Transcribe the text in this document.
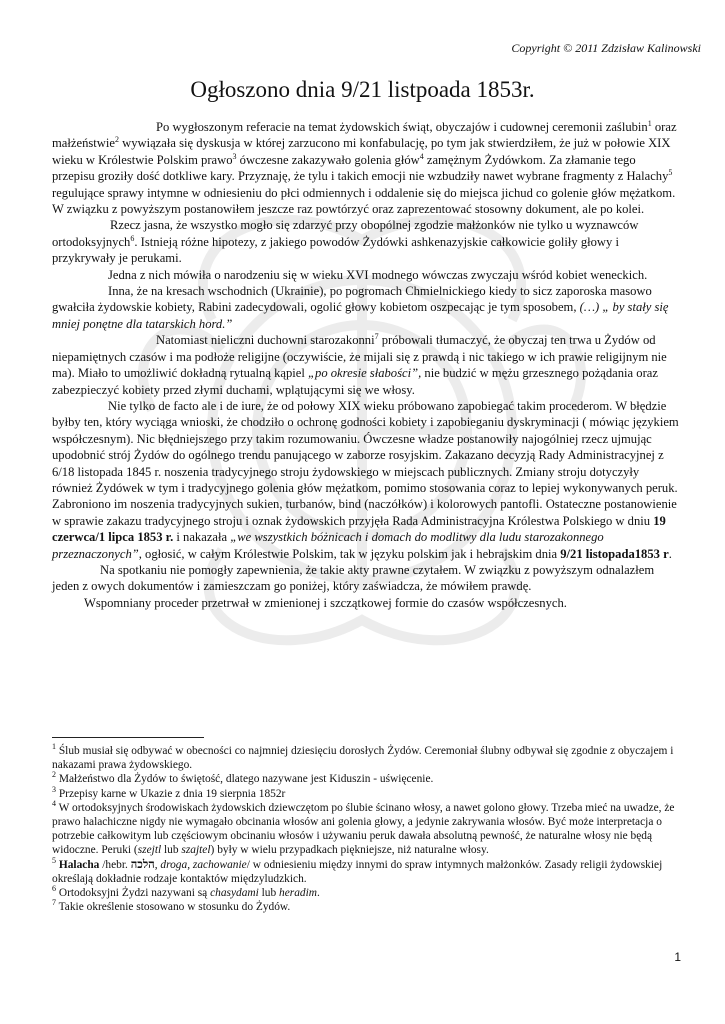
Copyright © 2011 Zdzisław Kalinowski
Ogłoszono dnia 9/21 listpoada 1853r.

Po wygłoszonym referacie na temat żydowskich świąt, obyczajów i cudownej ceremonii zaślubin$^1$ oraz małżeństwie$^2$ wywiązała się dyskusja w której zarzucono mi konfabulację, po tym jak stwierdziłem, że już w połowie XIX wieku w Królestwie Polskim prawo$^3$ ówczesne zakazywało golenia głów$^4$ zamężnym Żydówkom. Za złamanie tego przepisu groziły dość dotkliwe kary. Przyznaję, że tylu i takich emocji nie wzbudziły nawet wybrane fragmenty z Halachy$^5$ regulujące sprawy intymne w odniesieniu do płci odmiennych i oddalenie się do miejsca jichud co golenie głów mężatkom. W związku z powyższym postanowiłem jeszcze raz powtórzyć oraz zaprezentować stosowny dokument, ale po kolei.

Rzecz jasna, że wszystko mogło się zdarzyć przy obopólnej zgodzie małżonków nie tylko u wyznawców ortodoksyjnych$^6$. Istnieją różne hipotezy, z jakiego powodów Żydówki ashkenazyjskie całkowicie goliły głowy i przykrywały je perukami.

Jedna z nich mówiła o narodzeniu się w wieku XVI modnego wówczas zwyczaju wśród kobiet weneckich.

Inna, że na kresach wschodnich (Ukrainie), po pogromach Chmielnickiego kiedy to sicz zaporoska masowo gwałciła żydowskie kobiety, Rabini zadecydowali, ogolić głowy kobietom oszpecając je tym sposobem, (…) „ by stały się mniej ponętne dla tatarskich hord.”

Natomiast nieliczni duchowni starozakonni$^7$ próbowali tłumaczyć, że obyczaj ten trwa u Żydów od niepamiętnych czasów i ma podłoże religijne (oczywiście, że mijali się z prawdą i nic takiego w ich prawie religijnym nie ma). Miało to umożliwić dokładną rytualną kąpiel „po okresie słabości”, nie budzić w mężu grzesznego pożądania oraz zabezpieczyć kobiety przed złymi duchami, wplątującymi się we włosy.

Nie tylko de facto ale i de iure, że od połowy XIX wieku próbowano zapobiegać takim procederom. W błędzie byłby ten, który wyciąga wnioski, że chodziło o ochronę godności kobiety i zapobieganiu dyskryminacji ( mówiąc językiem współczesnym). Nic błędniejszego przy takim rozumowaniu. Ówczesne władze postanowiły najogólniej rzecz ujmując upodobnić strój Żydów do ogólnego trendu panującego w zaborze rosyjskim. Zakazano decyzją Rady Administracyjnej z 6/18 listopada 1845 r. noszenia tradycyjnego stroju żydowskiego w miejscach publicznych. Zmiany stroju dotyczyły również Żydówek w tym i tradycyjnego golenia głów mężatkom, pomimo stosowania coraz to lepiej wykonywanych peruk. Zabroniono im noszenia tradycyjnych sukien, turbanów, bind (naczółków) i kolorowych pantofli. Ostateczne postanowienie w sprawie zakazu tradycyjnego stroju i oznak żydowskich przyjęła Rada Administracyjna Królestwa Polskiego w dniu 19 czerwca/1 lipca 1853 r. i nakazała „we wszystkich bóżnicach i domach do modlitwy dla ludu starozakonnego przeznaczonych”, ogłosić, w całym Królestwie Polskim, tak w języku polskim jak i hebrajskim dnia 9/21 listopada1853 r.

Na spotkaniu nie pomogły zapewnienia, że takie akty prawne czytałem. W związku z powyższym odnalazłem jeden z owych dokumentów i zamieszczam go poniżej, który zaświadcza, że mówiłem prawdę.

Wspomniany proceder przetrwał w zmienionej i szczątkowej formie do czasów współczesnych.

$^1$ Ślub musiał się odbywać w obecności co najmniej dziesięciu dorosłych Żydów. Ceremoniał ślubny odbywał się zgodnie z obyczajem i nakazami prawa żydowskiego.

$^2$ Małżeństwo dla Żydów to świętość, dlatego nazywane jest Kiduszin - uświęcenie.

$^3$ Przepisy karne w Ukazie z dnia 19 sierpnia 1852r

$^4$ W ortodoksyjnych środowiskach żydowskich dziewczętom po ślubie ścinano włosy, a nawet golono głowy. Trzeba mieć na uwadze, że prawo halachiczne nigdy nie wymagało obcinania włosów ani golenia głowy, a jedynie zakrywania włosów. Być może interpretacja o potrzebie całkowitym lub częściowym obcinaniu włosów i używaniu peruk dawała absolutną pewność, że naturalne włosy nie będą widoczne. Peruki (szejtl lub szajtel) były w wielu przypadkach piękniejsze, niż naturalne włosy.

$^5$ Halacha /hebr. הלכה, droga, zachowanie/ w odniesieniu między innymi do spraw intymnych małżonków. Zasady religii żydowskiej określają dokładnie rodzaje kontaktów międzyludzkich.

$^6$ Ortodoksyjni Żydzi nazywani są chasydami lub heradim.

$^7$ Takie określenie stosowano w stosunku do Żydów.

1
